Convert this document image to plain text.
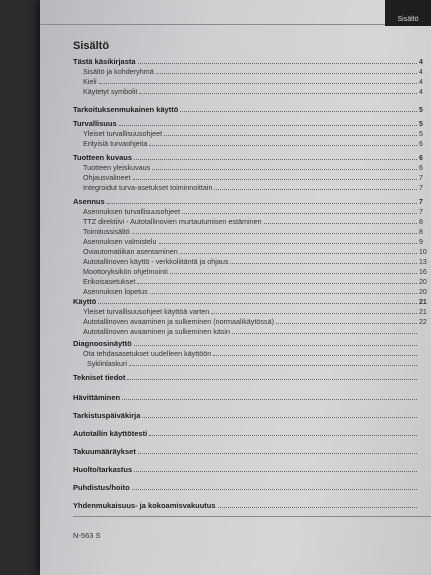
Sisältö
Sisältö
Tästä käsikirjasta	4
Sisältö ja kohderyhmä	4
Kieli	4
Käytetyt symbolit	4
Tarkoituksenmukainen käyttö	5
Turvallisuus	5
Yleiset turvallisuusohjeet	5
Erityisiä turvaohjeita	6
Tuotteen kuvaus	6
Tuotteen yleiskuvaus	6
Ohjausvalineet	7
Integroidut turva-asetukset toiminnoittain	7
Asennus	7
Asennuksen turvallisuusohjeet	7
TTZ direktiivi - Autotallinovien murtautumisen estäminen	8
Toimitussisältö	8
Asennuksen valmistelu	9
Oviautomatiikan asentaminen	10
Autotallinoven käyttö - verkkoliitäntä ja ohjaus	13
Moottoryksikön ohjelmointi	16
Erikoisasetukset	20
Asennuksen lopetus	20
Käyttö	21
Yleiset turvallisuusohjeet käyttöä varten	21
Autotallinoven avaaminen ja sulkeminen (normaalikäytössä)	22
Autotallinoven avaaminen ja sulkeminen käsin
Diagnoosinäyttö
Ota tehdasasetukset uudelleen käyttöön
Syklinlaskuri
Tekniset tiedot
Hävittäminen
Tarkistuspäiväkirja
Autotallin käyttötesti
Takuumääräykset
Huolto/tarkastus
Puhdistus/hoito
Yhdenmukaisuus- ja kokoamisvakuutus
N-563 S
